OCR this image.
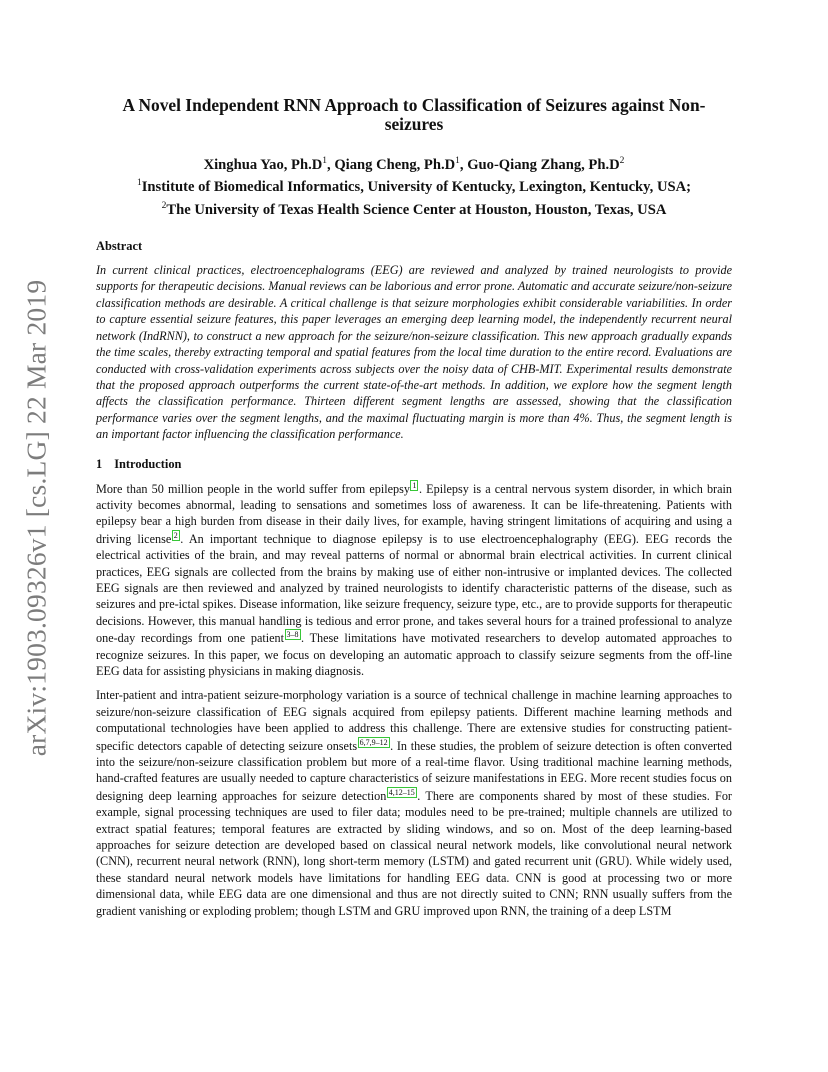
arXiv:1903.09326v1 [cs.LG] 22 Mar 2019
A Novel Independent RNN Approach to Classification of Seizures against Non-seizures
Xinghua Yao, $Ph.D^1$, Qiang Cheng, $Ph.D^1$, Guo-Qiang Zhang, $Ph.D^2$
$^1$Institute of Biomedical Informatics, University of Kentucky, Lexington, Kentucky, USA;
$^2$The University of Texas Health Science Center at Houston, Houston, Texas, USA
Abstract

In current clinical practices, electroencephalograms (EEG) are reviewed and analyzed by trained neurologists to provide supports for therapeutic decisions. Manual reviews can be laborious and error prone. Automatic and accurate seizure/non-seizure classification methods are desirable. A critical challenge is that seizure morphologies exhibit considerable variabilities. In order to capture essential seizure features, this paper leverages an emerging deep learning model, the independently recurrent neural network (IndRNN), to construct a new approach for the seizure/non-seizure classification. This new approach gradually expands the time scales, thereby extracting temporal and spatial features from the local time duration to the entire record. Evaluations are conducted with cross-validation experiments across subjects over the noisy data of CHB-MIT. Experimental results demonstrate that the proposed approach outperforms the current state-of-the-art methods. In addition, we explore how the segment length affects the classification performance. Thirteen different segment lengths are assessed, showing that the classification performance varies over the segment lengths, and the maximal fluctuating margin is more than 4%. Thus, the segment length is an important factor influencing the classification performance.

1 Introduction

More than 50 million people in the world suffer from epilepsy 1 . Epilepsy is a central nervous system disorder, in which brain activity becomes abnormal, leading to sensations and sometimes loss of awareness. It can be life-threatening. Patients with epilepsy bear a high burden from disease in their daily lives, for example, having stringent limitations of acquiring and using a driving license 2 . An important technique to diagnose epilepsy is to use electroencephalography (EEG). EEG records the electrical activities of the brain, and may reveal patterns of normal or abnormal brain electrical activities. In current clinical practices, EEG signals are collected from the brains by making use of either non-intrusive or implanted devices. The collected EEG signals are then reviewed and analyzed by trained neurologists to identify characteristic patterns of the disease, such as seizures and pre-ictal spikes. Disease information, like seizure frequency, seizure type, etc., are to provide supports for therapeutic decisions. However, this manual handling is tedious and error prone, and takes several hours for a trained professional to analyze one-day recordings from one patient 3–8 . These limitations have motivated researchers to develop automated approaches to recognize seizures. In this paper, we focus on developing an automatic approach to classify seizure segments from the off-line EEG data for assisting physicians in making diagnosis.

Inter-patient and intra-patient seizure-morphology variation is a source of technical challenge in machine learning approaches to seizure/non-seizure classification of EEG signals acquired from epilepsy patients. Different machine learning methods and computational technologies have been applied to address this challenge. There are extensive studies for constructing patient-specific detectors capable of detecting seizure onsets 6,7,9–12 . In these studies, the problem of seizure detection is often converted into the seizure/non-seizure classification problem but more of a real-time flavor. Using traditional machine learning methods, hand-crafted features are usually needed to capture characteristics of seizure manifestations in EEG. More recent studies focus on designing deep learning approaches for seizure detection 4,12–15 . There are components shared by most of these studies. For example, signal processing techniques are used to filer data; modules need to be pre-trained; multiple channels are utilized to extract spatial features; temporal features are extracted by sliding windows, and so on. Most of the deep learning-based approaches for seizure detection are developed based on classical neural network models, like convolutional neural network (CNN), recurrent neural network (RNN), long short-term memory (LSTM) and gated recurrent unit (GRU). While widely used, these standard neural network models have limitations for handling EEG data. CNN is good at processing two or more dimensional data, while EEG data are one dimensional and thus are not directly suited to CNN; RNN usually suffers from the gradient vanishing or exploding problem; though LSTM and GRU improved upon RNN, the training of a deep LSTM
